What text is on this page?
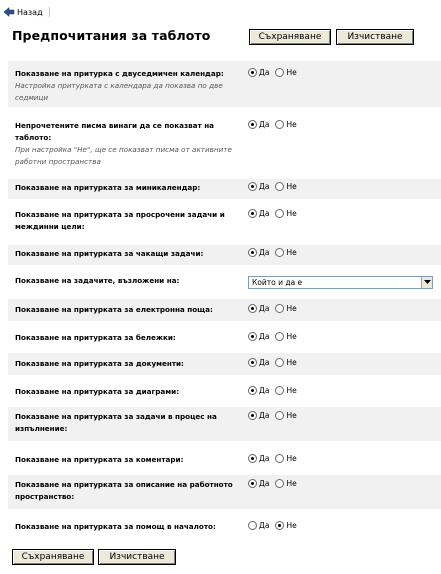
Назад
Предпочитания за таблото	Съхраняване	Изчистване
Показване на притурка с двуседмичен календар:
Настройка притурката с календара да показва по две седмици
Да Не
Непрочетените писма винаги да се показват на таблото:
При настройка "Не", ще се показват писма от активните работни пространства
Да Не
Показване на притурката за миникалендар:	Да Не
Показване на притурката за просрочени задачи и междинни цели:
Да Не
Показване на притурката за чакащи задачи:	Да Не
Показване на задачите, възложени на:	Който и да е
Показване на притурката за електронна поща:	Да Не
Показване на притурката за бележки:	Да Не
Показване на притурката за документи:	Да Не
Показване на притурката за диаграми:	Да Не
Показване на притурката за задачи в процес на изпълнение:
Да Не
Показване на притурката за коментари:	Да Не
Показване на притурката за описание на работното пространство:
Да Не
Показване на притурката за помощ в началото:	Да Не
Съхраняване	Изчистване
